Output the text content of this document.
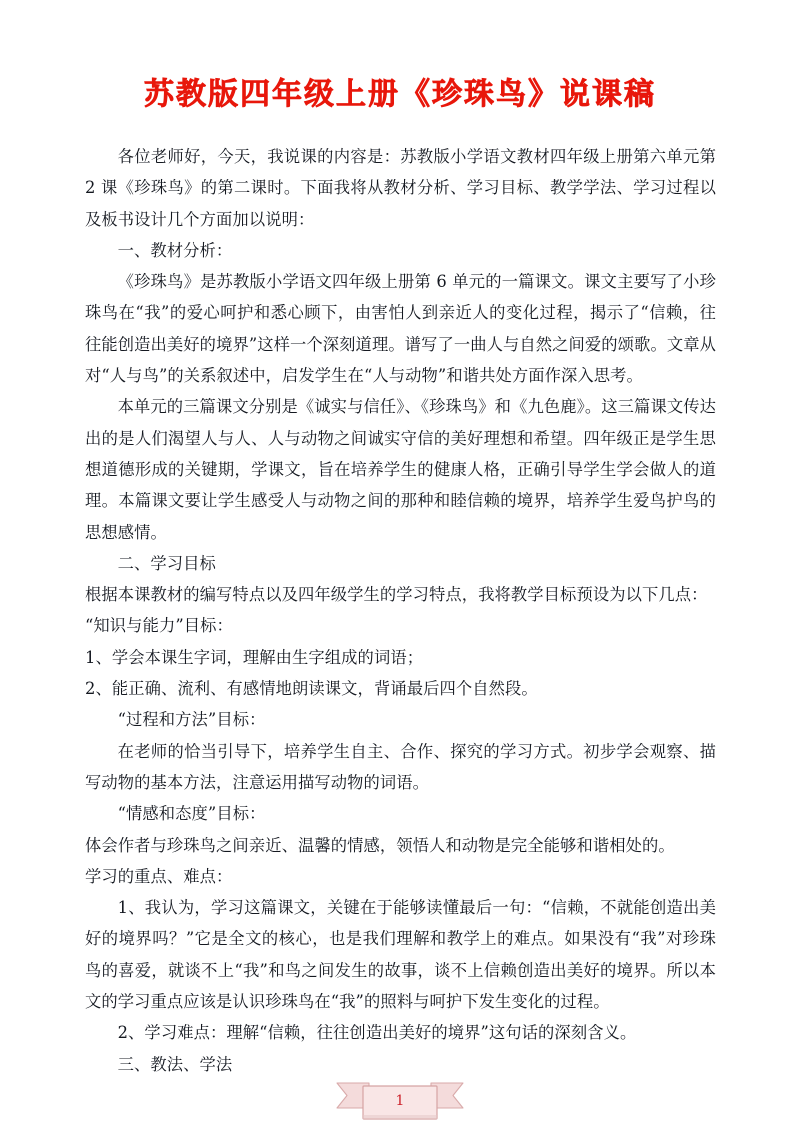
苏教版四年级上册《珍珠鸟》说课稿

各位老师好，今天，我说课的内容是：苏教版小学语文教材四年级上册第六单元第 2 课《珍珠鸟》的第二课时。下面我将从教材分析、学习目标、教学学法、学习过程以及板书设计几个方面加以说明：

一、教材分析：

《珍珠鸟》是苏教版小学语文四年级上册第 6 单元的一篇课文。课文主要写了小珍珠鸟在“我”的爱心呵护和悉心顾下，由害怕人到亲近人的变化过程，揭示了“信赖，往往能创造出美好的境界”这样一个深刻道理。谱写了一曲人与自然之间爱的颂歌。文章从对“人与鸟”的关系叙述中，启发学生在“人与动物”和谐共处方面作深入思考。

本单元的三篇课文分别是《诚实与信任》、《珍珠鸟》和《九色鹿》。这三篇课文传达出的是人们渴望人与人、人与动物之间诚实守信的美好理想和希望。四年级正是学生思想道德形成的关键期，学课文，旨在培养学生的健康人格，正确引导学生学会做人的道理。本篇课文要让学生感受人与动物之间的那种和睦信赖的境界，培养学生爱鸟护鸟的思想感情。

二、学习目标

根据本课教材的编写特点以及四年级学生的学习特点，我将教学目标预设为以下几点：

“知识与能力”目标：

1、学会本课生字词，理解由生字组成的词语；

2、能正确、流利、有感情地朗读课文，背诵最后四个自然段。

“过程和方法”目标：

在老师的恰当引导下，培养学生自主、合作、探究的学习方式。初步学会观察、描写动物的基本方法，注意运用描写动物的词语。

“情感和态度”目标：

体会作者与珍珠鸟之间亲近、温馨的情感，领悟人和动物是完全能够和谐相处的。

学习的重点、难点：

1、我认为，学习这篇课文，关键在于能够读懂最后一句：“信赖，不就能创造出美好的境界吗？”它是全文的核心，也是我们理解和教学上的难点。如果没有“我”对珍珠鸟的喜爱，就谈不上“我”和鸟之间发生的故事，谈不上信赖创造出美好的境界。所以本文的学习重点应该是认识珍珠鸟在“我”的照料与呵护下发生变化的过程。

2、学习难点：理解“信赖，往往创造出美好的境界”这句话的深刻含义。

三、教法、学法

1
